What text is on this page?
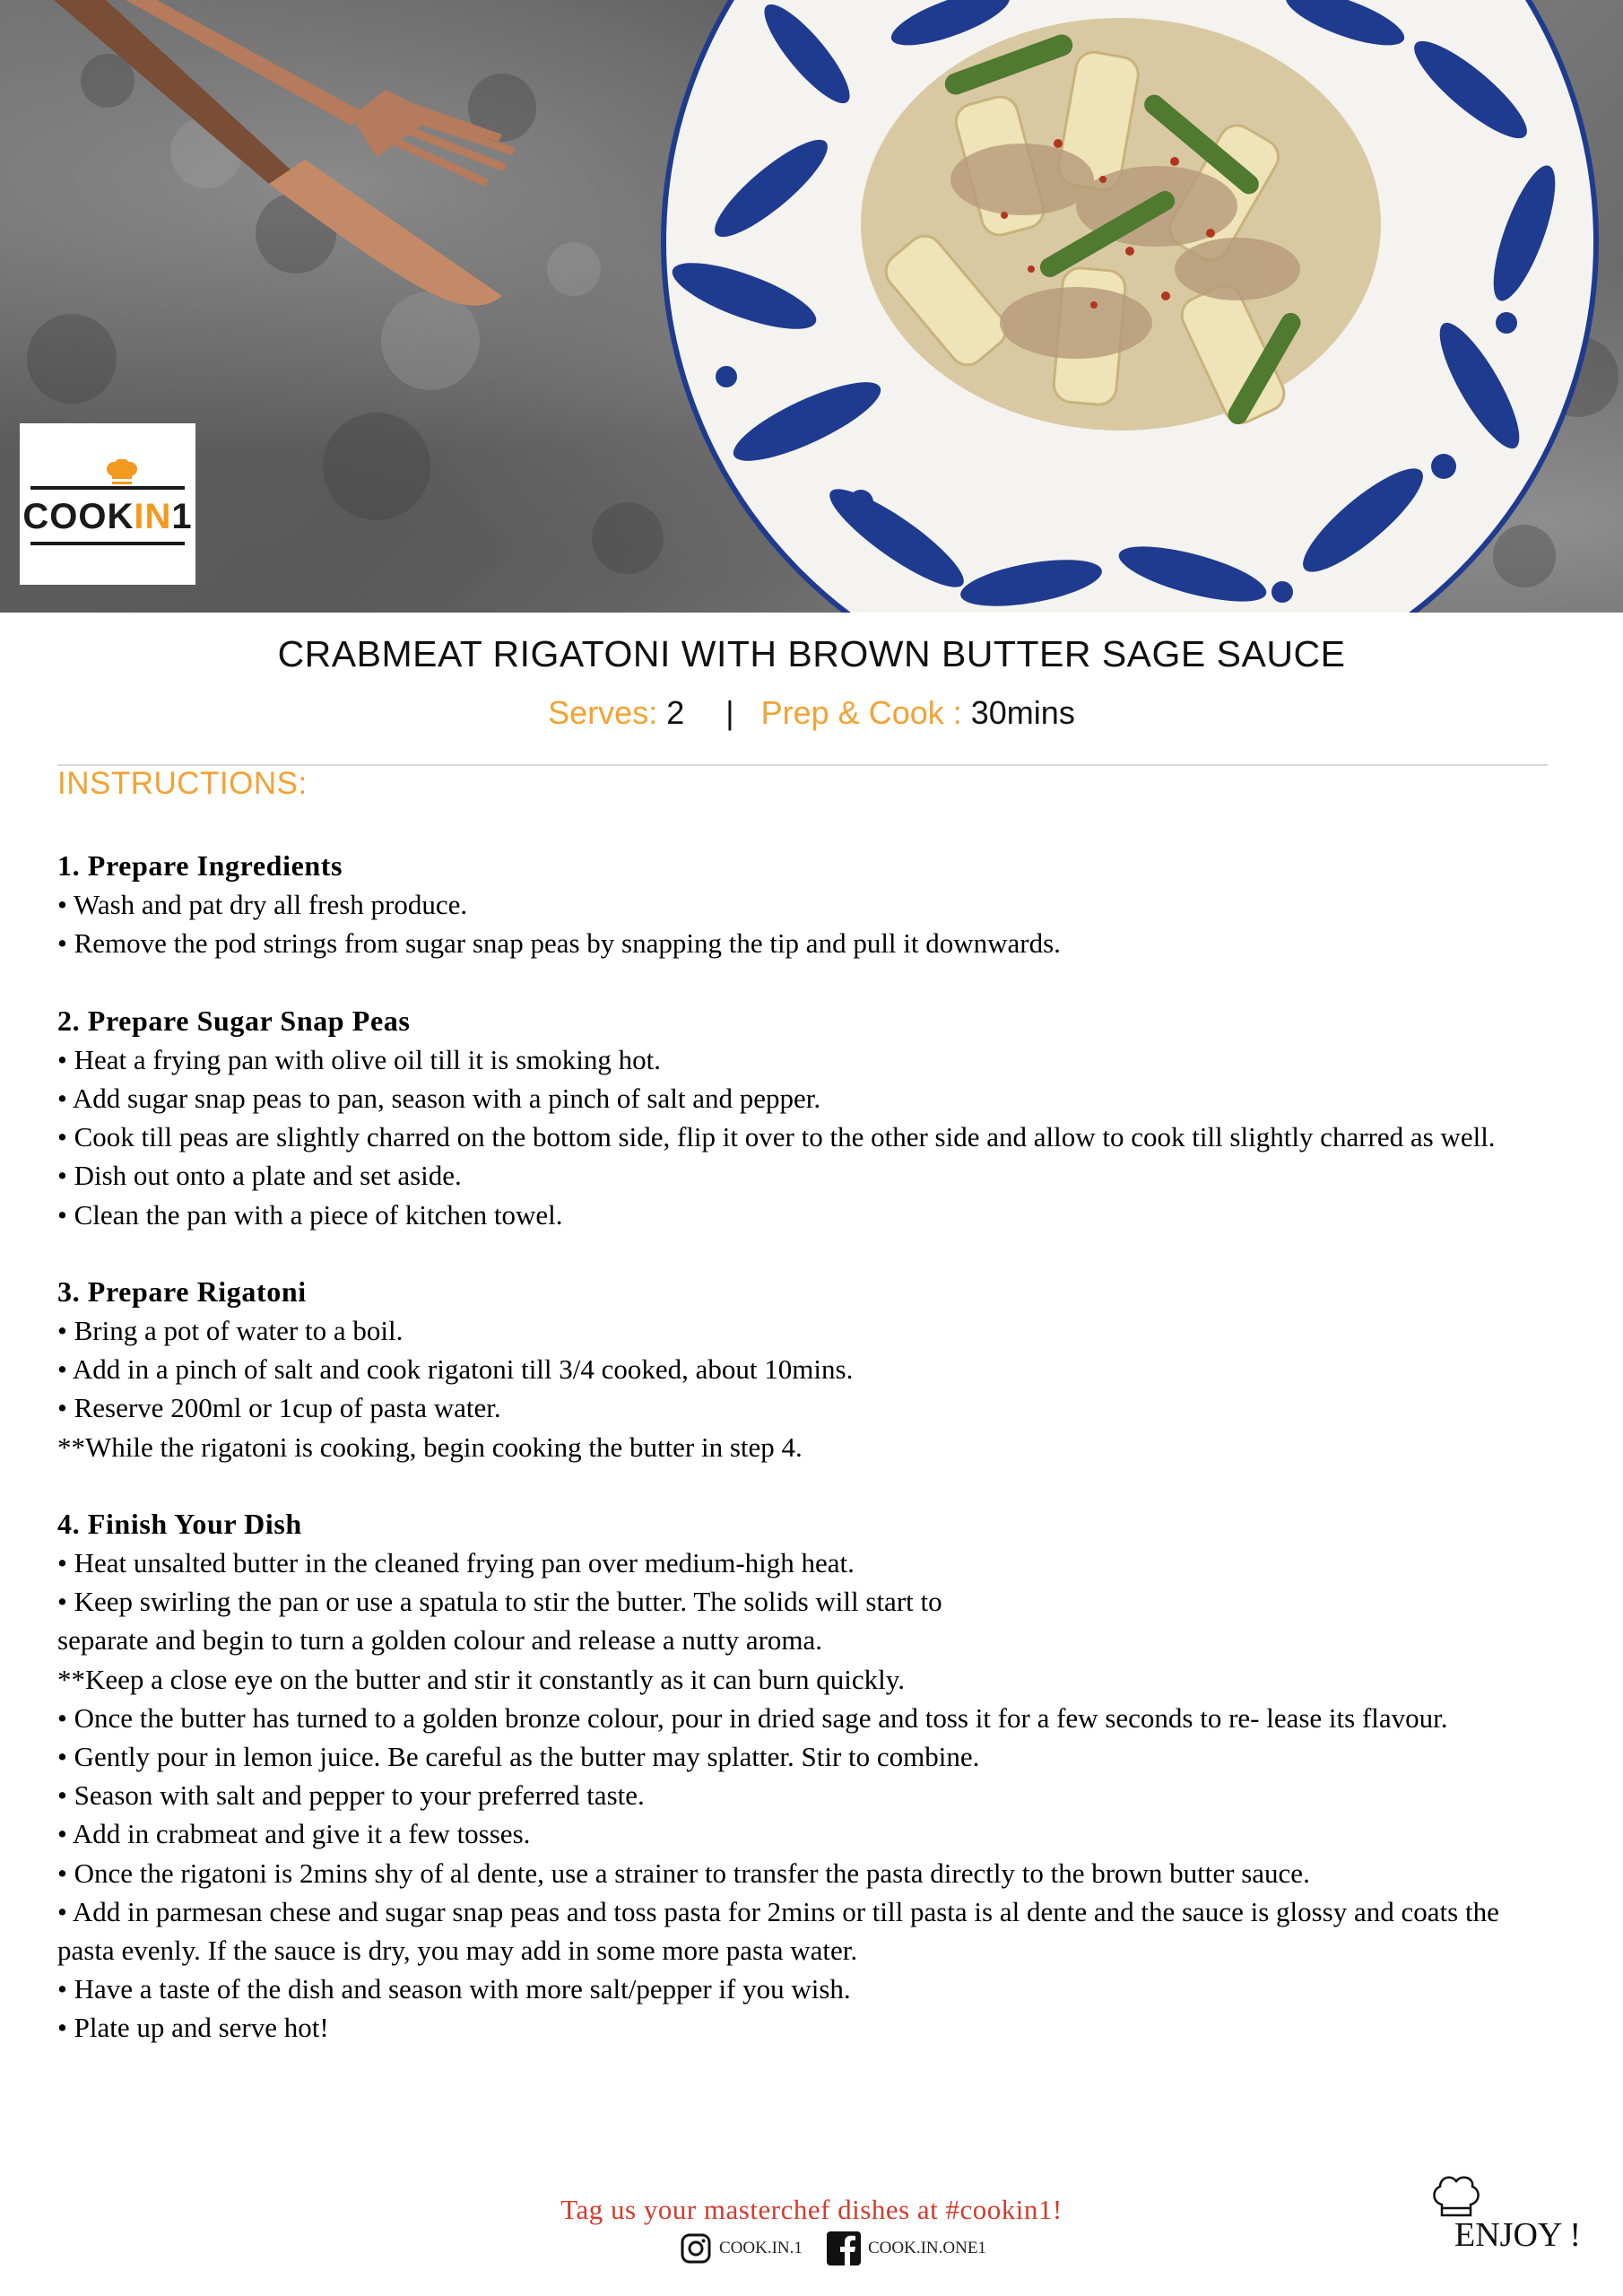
COOKIN1
CRABMEAT RIGATONI WITH BROWN BUTTER SAGE SAUCE
Serves: 2 | Prep & Cook : 30mins
INSTRUCTIONS:

1. Prepare Ingredients

• Wash and pat dry all fresh produce.

• Remove the pod strings from sugar snap peas by snapping the tip and pull it downwards.

2. Prepare Sugar Snap Peas

• Heat a frying pan with olive oil till it is smoking hot.

• Add sugar snap peas to pan, season with a pinch of salt and pepper.

• Cook till peas are slightly charred on the bottom side, flip it over to the other side and allow to cook till slightly charred as well.

• Dish out onto a plate and set aside.

• Clean the pan with a piece of kitchen towel.

3. Prepare Rigatoni

• Bring a pot of water to a boil.

• Add in a pinch of salt and cook rigatoni till 3/4 cooked, about 10mins.

• Reserve 200ml or 1cup of pasta water.

**While the rigatoni is cooking, begin cooking the butter in step 4.

4. Finish Your Dish

• Heat unsalted butter in the cleaned frying pan over medium-high heat.

• Keep swirling the pan or use a spatula to stir the butter. The solids will start to

separate and begin to turn a golden colour and release a nutty aroma.

**Keep a close eye on the butter and stir it constantly as it can burn quickly.

• Once the butter has turned to a golden bronze colour, pour in dried sage and toss it for a few seconds to re- lease its flavour.

• Gently pour in lemon juice. Be careful as the butter may splatter. Stir to combine.

• Season with salt and pepper to your preferred taste.

• Add in crabmeat and give it a few tosses.

• Once the rigatoni is 2mins shy of al dente, use a strainer to transfer the pasta directly to the brown butter sauce.

• Add in parmesan chese and sugar snap peas and toss pasta for 2mins or till pasta is al dente and the sauce is glossy and coats the pasta evenly. If the sauce is dry, you may add in some more pasta water.

• Have a taste of the dish and season with more salt/pepper if you wish.

• Plate up and serve hot!

Tag us your masterchef dishes at #cookin1!
COOK.IN.1	COOK.IN.ONE1	ENJOY !
